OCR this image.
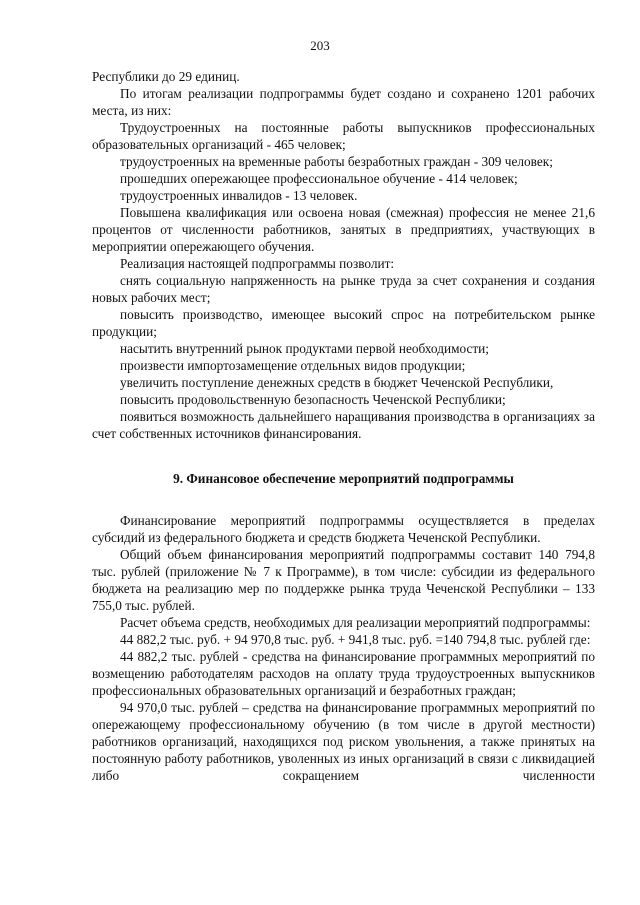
203

Республики до 29 единиц.

По итогам реализации подпрограммы будет создано и сохранено 1201 рабочих места, из них:

Трудоустроенных на постоянные работы выпускников профессиональных образовательных организаций - 465 человек;

трудоустроенных на временные работы безработных граждан - 309 человек;

прошедших опережающее профессиональное обучение - 414 человек;

трудоустроенных инвалидов - 13 человек.

Повышена квалификация или освоена новая (смежная) профессия не менее 21,6 процентов от численности работников, занятых в предприятиях, участвующих в мероприятии опережающего обучения.

Реализация настоящей подпрограммы позволит:

снять социальную напряженность на рынке труда за счет сохранения и создания новых рабочих мест;

повысить производство, имеющее высокий спрос на потребительском рынке продукции;

насытить внутренний рынок продуктами первой необходимости;

произвести импортозамещение отдельных видов продукции;

увеличить поступление денежных средств в бюджет Чеченской Республики,

повысить продовольственную безопасность Чеченской Республики;

появиться возможность дальнейшего наращивания производства в организациях за счет собственных источников финансирования.

9. Финансовое обеспечение мероприятий подпрограммы

Финансирование мероприятий подпрограммы осуществляется в пределах субсидий из федерального бюджета и средств бюджета Чеченской Республики.

Общий объем финансирования мероприятий подпрограммы составит 140 794,8 тыс. рублей (приложение № 7 к Программе), в том числе: субсидии из федерального бюджета на реализацию мер по поддержке рынка труда Чеченской Республики – 133 755,0 тыс. рублей.

Расчет объема средств, необходимых для реализации мероприятий подпрограммы:

44 882,2 тыс. руб. + 94 970,8 тыс. руб. + 941,8 тыс. руб. =140 794,8 тыс. рублей где:

44 882,2 тыс. рублей - средства на финансирование программных мероприятий по возмещению работодателям расходов на оплату труда трудоустроенных выпускников профессиональных образовательных организаций и безработных граждан;

94 970,0 тыс. рублей – средства на финансирование программных мероприятий по опережающему профессиональному обучению (в том числе в другой местности) работников организаций, находящихся под риском увольнения, а также принятых на постоянную работу работников, уволенных из иных организаций в связи с ликвидацией либо сокращением численности
